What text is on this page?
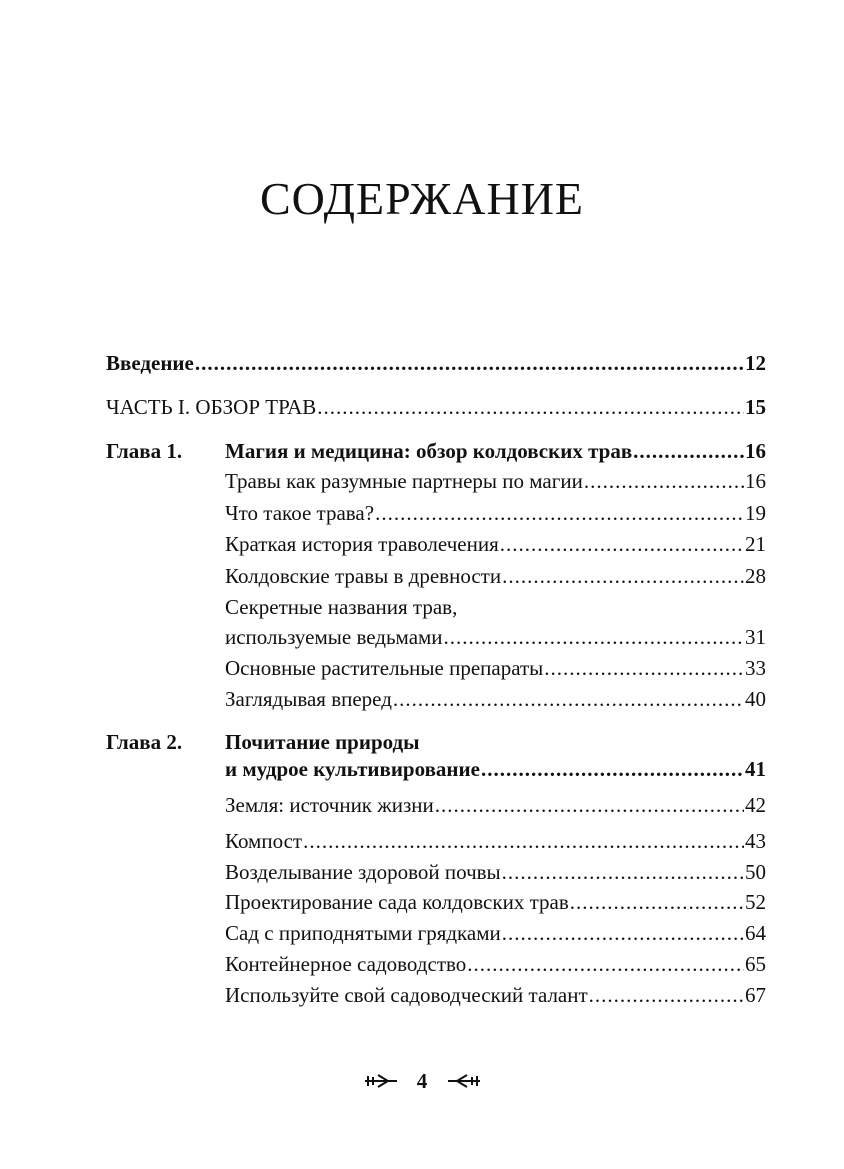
СОДЕРЖАНИЕ
Введение .....	12
ЧАСТЬ I. ОБЗОР ТРАВ .....	15
Глава 1. Магия и медицина: обзор колдовских трав .....	16
Травы как разумные партнеры по магии .....	16
Что такое трава? .....	19
Краткая история траволечения .....	21
Колдовские травы в древности .....	28
Секретные названия трав,
используемые ведьмами .....	31
Основные растительные препараты .....	33
Заглядывая вперед .....	40
Глава 2. Почитание природы
и мудрое культивирование .....	41
Земля: источник жизни .....	42
Компост .....	43
Возделывание здоровой почвы .....	50
Проектирование сада колдовских трав .....	52
Сад с приподнятыми грядками .....	64
Контейнерное садоводство .....	65
Используйте свой садоводческий талант .....	67
4
